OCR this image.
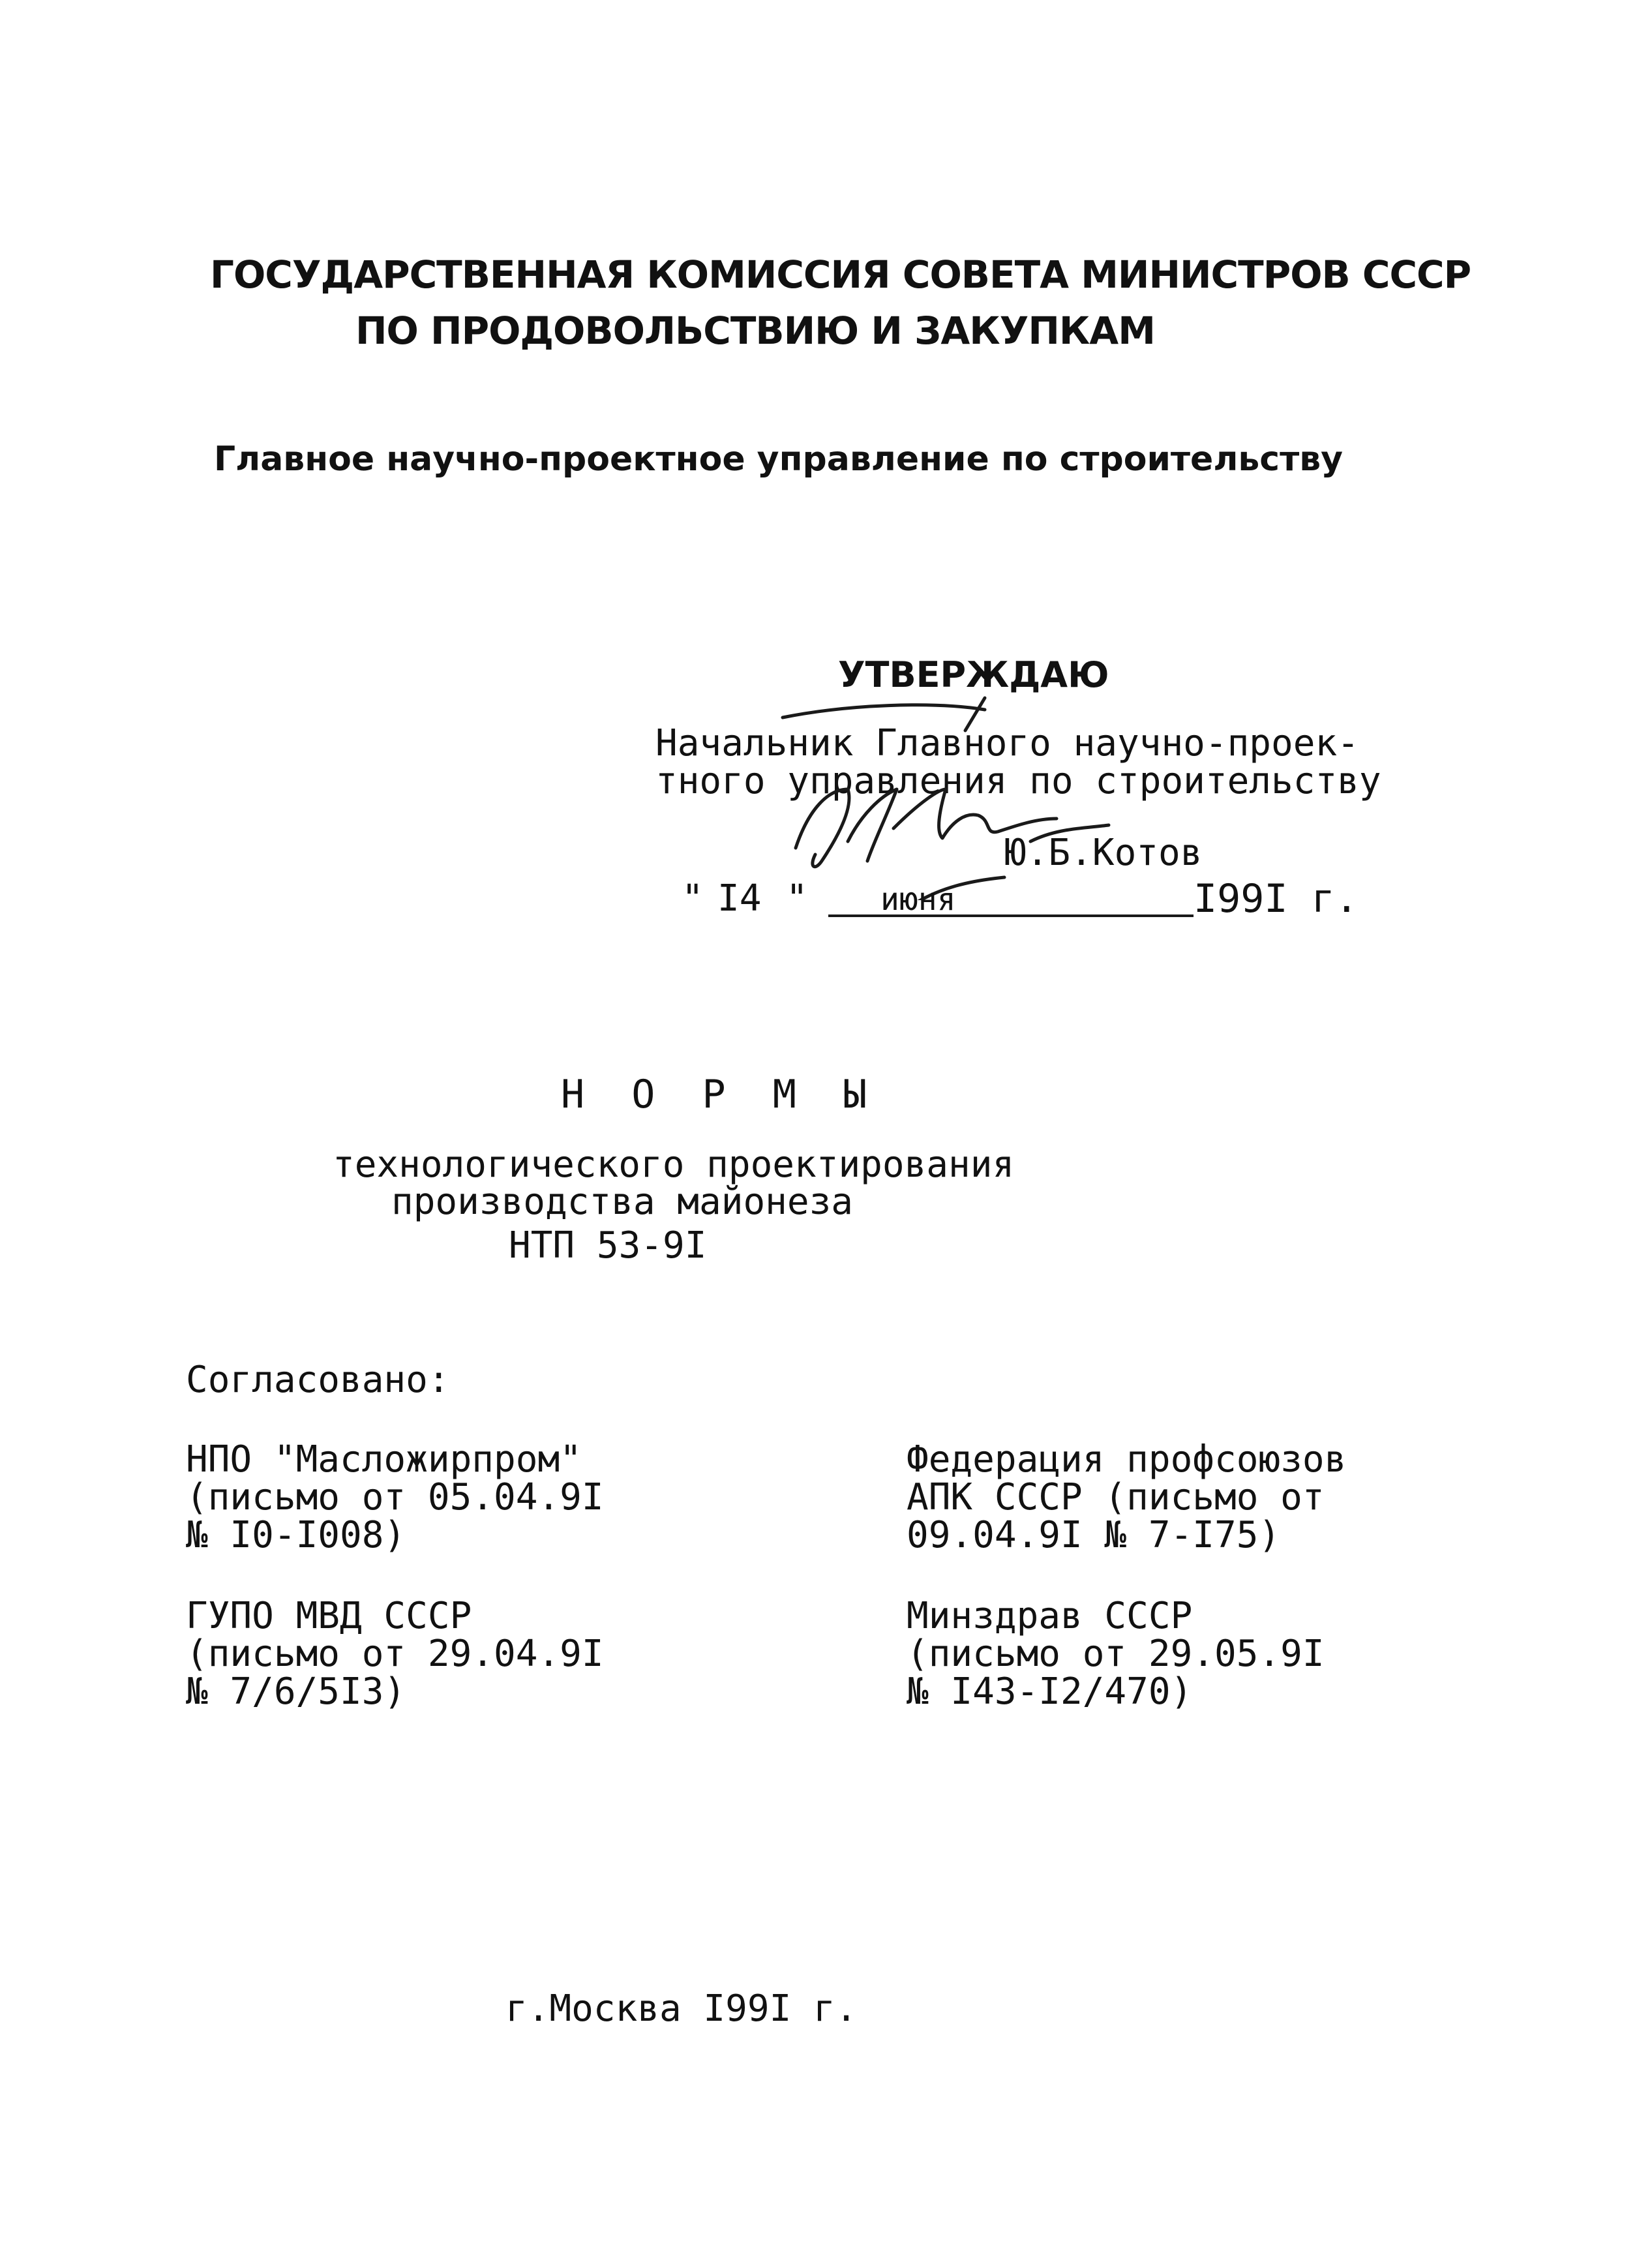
ГОСУДАРСТВЕННАЯ КОМИССИЯ СОВЕТА МИНИСТРОВ СССР
ПО ПРОДОВОЛЬСТВИЮ И ЗАКУПКАМ
Главное научно-проектное управление по строительству
УТВЕРЖДАЮ
Начальник Главного научно-проек-
тного управления по строительству
Ю.Б.Котов
" I4 " июня	I99I г.
Н О Р М Ы
технологического проектирования
производства майонеза
НТП 53-9I
Согласовано:
НПО "Масложирпром"
(письмо от 05.04.9I
№ I0-I008)
Федерация профсоюзов
АПК СССР (письмо от
09.04.9I № 7-I75)
ГУПО МВД СССР
(письмо от 29.04.9I
№ 7/6/5I3)
Минздрав СССР
(письмо от 29.05.9I
№ I43-I2/470)
г.Москва I99I г.
